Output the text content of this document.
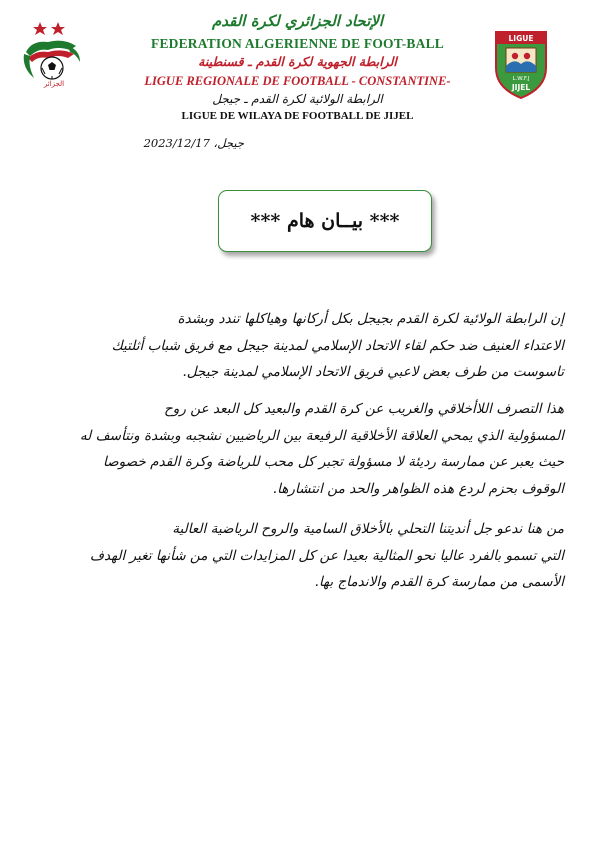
الجزائر
الإتحاد الجزائري لكرة القدم
FEDERATION ALGERIENNE DE FOOT-BALL
الرابطة الجهوية لكرة القدم ـ قسنطينة
LIGUE REGIONALE DE FOOTBALL - CONSTANTINE-
الرابطة الولائية لكرة القدم ـ جيجل
LIGUE DE WILAYA DE FOOTBALL DE JIJEL
LIGUE
L.W.F.J
JIJEL
جيجل، 2023/12/17
*** بيــان هام ***
إن الرابطة الولائية لكرة القدم بجيجل بكل أركانها وهياكلها تندد وبشدة
الاعتداء العنيف ضد حكم لقاء الاتحاد الإسلامي لمدينة جيجل مع فريق شباب أثلتيك
تاسوست من طرف بعض لاعبي فريق الاتحاد الإسلامي لمدينة جيجل.
هذا التصرف اللاأخلاقي والغريب عن كرة القدم والبعيد كل البعد عن روح
المسؤولية الذي يمحي العلاقة الأخلاقية الرفيعة بين الرياضيين نشجبه وبشدة ونتأسف له
حيث يعبر عن ممارسة رديئة لا مسؤولة تجبر كل محب للرياضة وكرة القدم خصوصا
الوقوف بحزم لردع هذه الظواهر والحد من انتشارها.
من هنا ندعو جل أنديتنا التحلي بالأخلاق السامية والروح الرياضية العالية
التي تسمو بالفرد عاليا نحو المثالية بعيدا عن كل المزايدات التي من شأنها تغير الهدف
الأسمى من ممارسة كرة القدم والاندماج بها.
